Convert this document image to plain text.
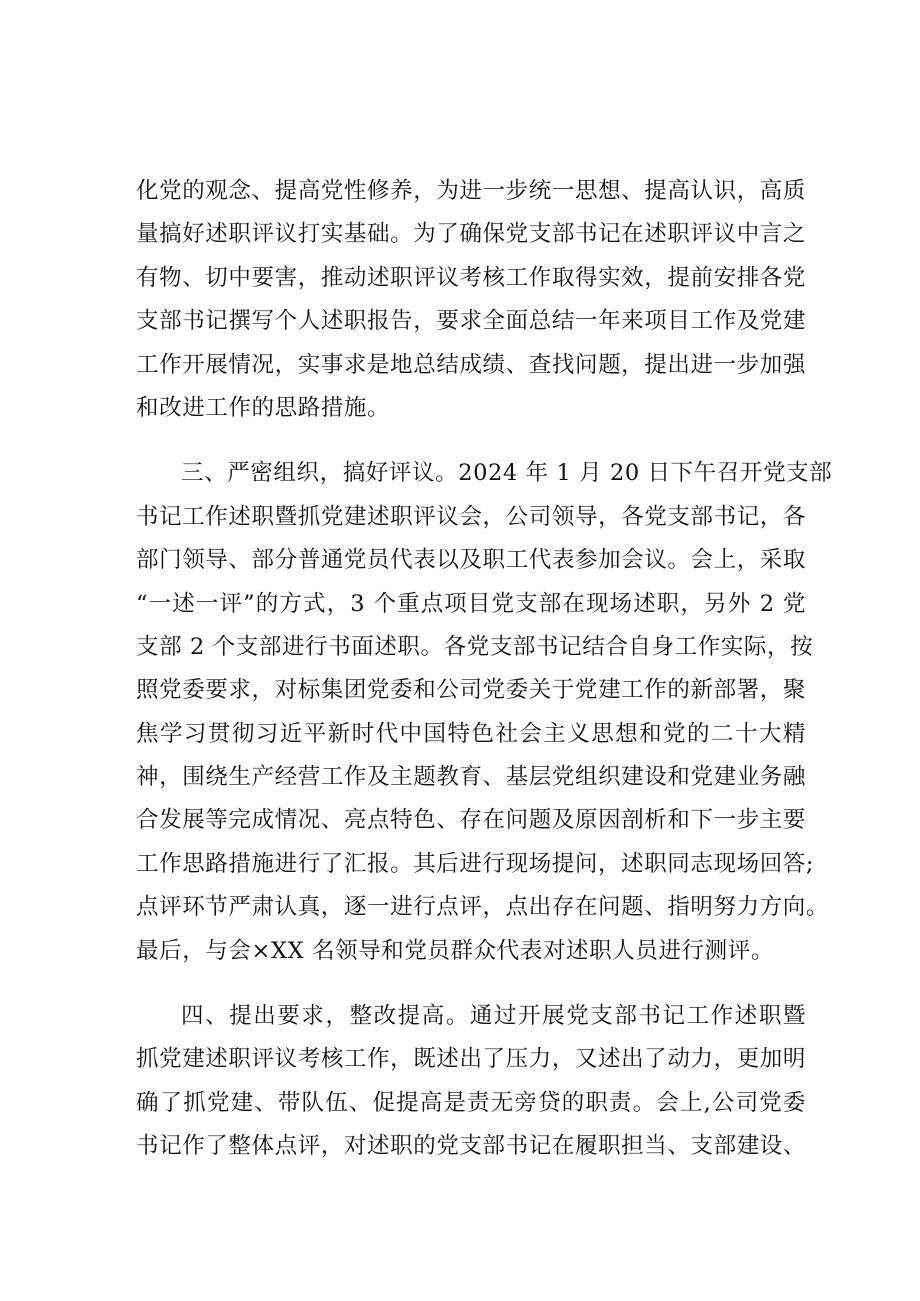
化党的观念、提高党性修养，为进一步统一思想、提高认识，高质
量搞好述职评议打实基础。为了确保党支部书记在述职评议中言之
有物、切中要害，推动述职评议考核工作取得实效，提前安排各党
支部书记撰写个人述职报告，要求全面总结一年来项目工作及党建
工作开展情况，实事求是地总结成绩、查找问题，提出进一步加强
和改进工作的思路措施。
三、严密组织，搞好评议。2024 年 1 月 20 日下午召开党支部
书记工作述职暨抓党建述职评议会，公司领导，各党支部书记，各
部门领导、部分普通党员代表以及职工代表参加会议。会上，采取
“一述一评”的方式，3 个重点项目党支部在现场述职，另外 2 党
支部 2 个支部进行书面述职。各党支部书记结合自身工作实际，按
照党委要求，对标集团党委和公司党委关于党建工作的新部署，聚
焦学习贯彻习近平新时代中国特色社会主义思想和党的二十大精
神，围绕生产经营工作及主题教育、基层党组织建设和党建业务融
合发展等完成情况、亮点特色、存在问题及原因剖析和下一步主要
工作思路措施进行了汇报。其后进行现场提问，述职同志现场回答;
点评环节严肃认真，逐一进行点评，点出存在问题、指明努力方向。
最后，与会×XX 名领导和党员群众代表对述职人员进行测评。
四、提出要求，整改提高。通过开展党支部书记工作述职暨
抓党建述职评议考核工作，既述出了压力，又述出了动力，更加明
确了抓党建、带队伍、促提高是责无旁贷的职责。会上,公司党委
书记作了整体点评，对述职的党支部书记在履职担当、支部建设、
